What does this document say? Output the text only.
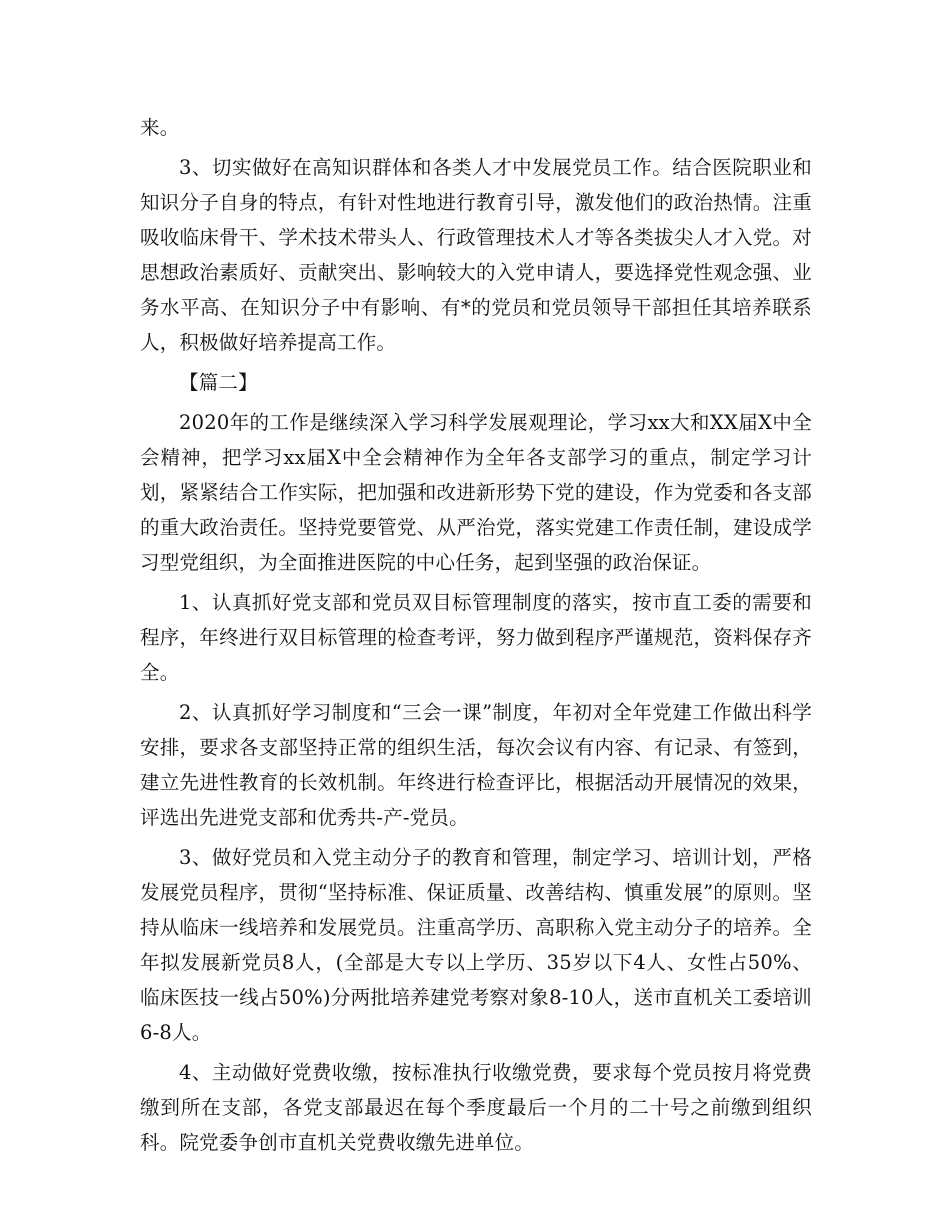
来。

3、切实做好在高知识群体和各类人才中发展党员工作。结合医院职业和知识分子自身的特点，有针对性地进行教育引导，激发他们的政治热情。注重吸收临床骨干、学术技术带头人、行政管理技术人才等各类拔尖人才入党。对思想政治素质好、贡献突出、影响较大的入党申请人，要选择党性观念强、业务水平高、在知识分子中有影响、有*的党员和党员领导干部担任其培养联系人，积极做好培养提高工作。

【篇二】

2020年的工作是继续深入学习科学发展观理论，学习xx大和XX届X中全会精神，把学习xx届X中全会精神作为全年各支部学习的重点，制定学习计划，紧紧结合工作实际，把加强和改进新形势下党的建设，作为党委和各支部的重大政治责任。坚持党要管党、从严治党，落实党建工作责任制，建设成学习型党组织，为全面推进医院的中心任务，起到坚强的政治保证。

1、认真抓好党支部和党员双目标管理制度的落实，按市直工委的需要和程序，年终进行双目标管理的检查考评，努力做到程序严谨规范，资料保存齐全。

2、认真抓好学习制度和“三会一课”制度，年初对全年党建工作做出科学安排，要求各支部坚持正常的组织生活，每次会议有内容、有记录、有签到，建立先进性教育的长效机制。年终进行检查评比，根据活动开展情况的效果，评选出先进党支部和优秀共-产-党员。

3、做好党员和入党主动分子的教育和管理，制定学习、培训计划，严格发展党员程序，贯彻“坚持标准、保证质量、改善结构、慎重发展”的原则。坚持从临床一线培养和发展党员。注重高学历、高职称入党主动分子的培养。全年拟发展新党员8人，(全部是大专以上学历、35岁以下4人、女性占50%、临床医技一线占50%)分两批培养建党考察对象8-10人，送市直机关工委培训6-8人。

4、主动做好党费收缴，按标准执行收缴党费，要求每个党员按月将党费缴到所在支部，各党支部最迟在每个季度最后一个月的二十号之前缴到组织科。院党委争创市直机关党费收缴先进单位。
